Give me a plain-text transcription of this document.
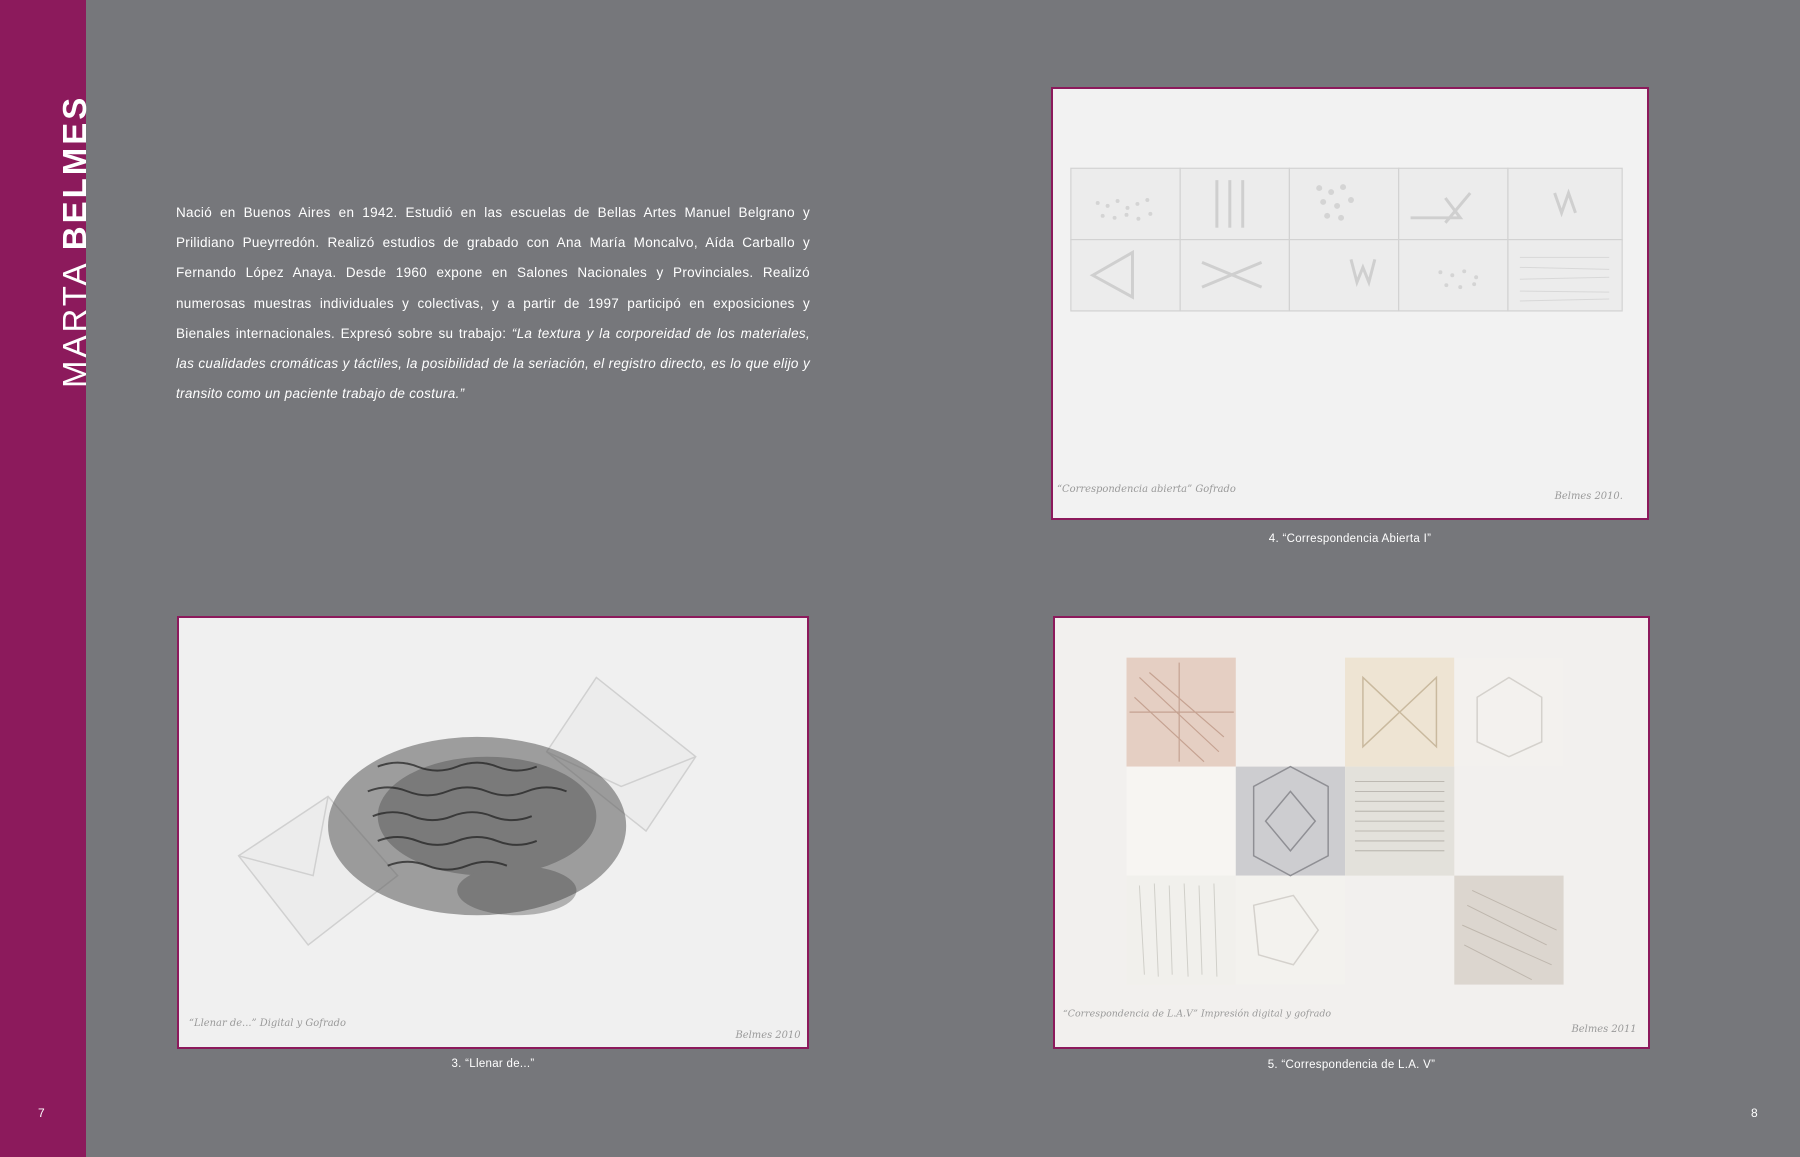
MARTA BELMES
7	8
Nació en Buenos Aires en 1942. Estudió en las escuelas de Bellas Artes Manuel Belgrano y Prilidiano Pueyrredón. Realizó estudios de grabado con Ana María Moncalvo, Aída Carballo y Fernando López Anaya. Desde 1960 expone en Salones Nacionales y Provinciales. Realizó numerosas muestras individuales y colectivas, y a partir de 1997 participó en exposiciones y Bienales internacionales. Expresó sobre su trabajo: “La textura y la corporeidad de los materiales, las cualidades cromáticas y táctiles, la posibilidad de la seriación, el registro directo, es lo que elijo y transito como un paciente trabajo de costura.”
“Correspondencia abierta” Gofrado
Belmes 2010.
4. “Correspondencia Abierta I”
“Llenar de...” Digital y Gofrado
Belmes 2010
3. “Llenar de...”
“Correspondencia de L.A.V” Impresión digital y gofrado
Belmes 2011
5. “Correspondencia de L.A. V”
